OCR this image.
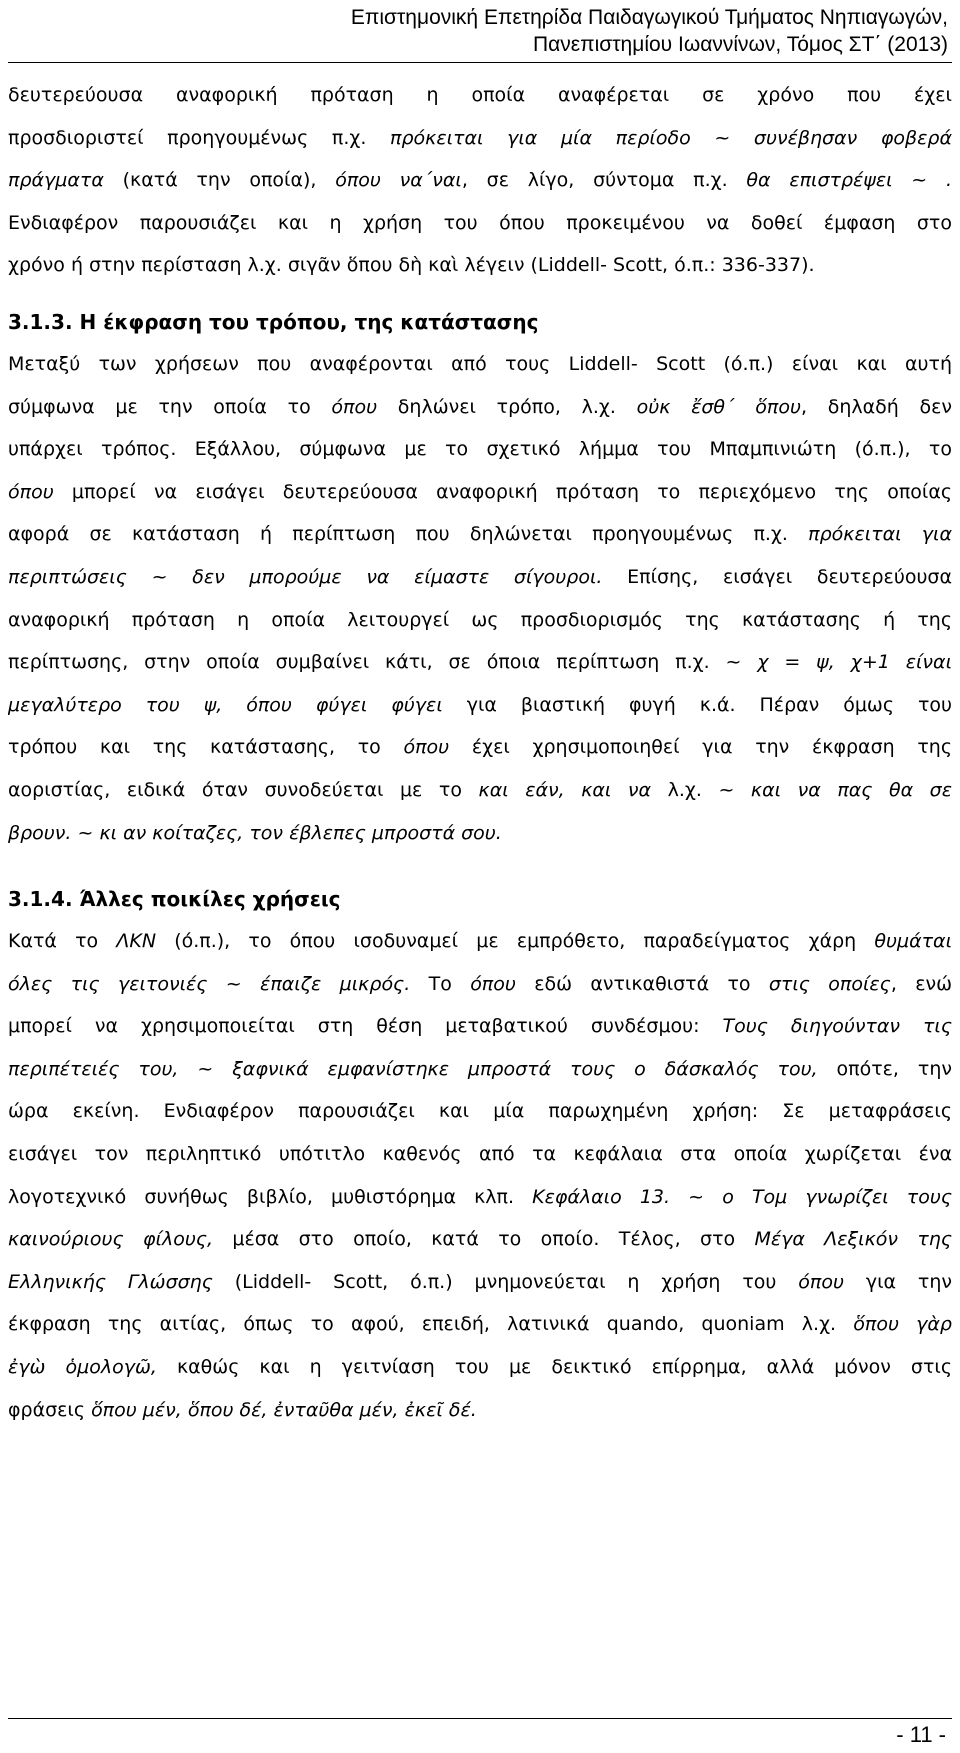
Επιστημονική Επετηρίδα Παιδαγωγικού Τμήματος Νηπιαγωγών,
Πανεπιστημίου Ιωαννίνων, Τόμος ΣΤ΄ (2013)
δευτερεύουσα αναφορική πρόταση η οποία αναφέρεται σε χρόνο που έχει
προσδιοριστεί προηγουμένως π.χ. πρόκειται για μία περίοδο ~ συνέβησαν φοβερά
πράγματα (κατά την οποία), όπου να΄ναι, σε λίγο, σύντομα π.χ. θα επιστρέψει ~ .
Ενδιαφέρον παρουσιάζει και η χρήση του όπου προκειμένου να δοθεί έμφαση στο
χρόνο ή στην περίσταση λ.χ. σιγᾶν ὅπου δὴ καὶ λέγειν (Liddell- Scott, ό.π.: 336-337).
3.1.3. Η έκφραση του τρόπου, της κατάστασης
Μεταξύ των χρήσεων που αναφέρονται από τους Liddell- Scott (ό.π.) είναι και αυτή
σύμφωνα με την οποία το όπου δηλώνει τρόπο, λ.χ. οὐκ ἔσθ΄ ὅπου, δηλαδή δεν
υπάρχει τρόπος. Εξάλλου, σύμφωνα με το σχετικό λήμμα του Μπαμπινιώτη (ό.π.), το
όπου μπορεί να εισάγει δευτερεύουσα αναφορική πρόταση το περιεχόμενο της οποίας
αφορά σε κατάσταση ή περίπτωση που δηλώνεται προηγουμένως π.χ. πρόκειται για
περιπτώσεις ~ δεν μπορούμε να είμαστε σίγουροι. Επίσης, εισάγει δευτερεύουσα
αναφορική πρόταση η οποία λειτουργεί ως προσδιορισμός της κατάστασης ή της
περίπτωσης, στην οποία συμβαίνει κάτι, σε όποια περίπτωση π.χ. ~ χ = ψ, χ+1 είναι
μεγαλύτερο του ψ, όπου φύγει φύγει για βιαστική φυγή κ.ά. Πέραν όμως του
τρόπου και της κατάστασης, το όπου έχει χρησιμοποιηθεί για την έκφραση της
αοριστίας, ειδικά όταν συνοδεύεται με το και εάν, και να λ.χ. ~ και να πας θα σε
βρουν. ~ κι αν κοίταζες, τον έβλεπες μπροστά σου.
3.1.4. Άλλες ποικίλες χρήσεις
Κατά το ΛΚΝ (ό.π.), το όπου ισοδυναμεί με εμπρόθετο, παραδείγματος χάρη θυμάται
όλες τις γειτονιές ~ έπαιζε μικρός. Το όπου εδώ αντικαθιστά το στις οποίες, ενώ
μπορεί να χρησιμοποιείται στη θέση μεταβατικού συνδέσμου: Τους διηγούνταν τις
περιπέτειές του, ~ ξαφνικά εμφανίστηκε μπροστά τους ο δάσκαλός του, οπότε, την
ώρα εκείνη. Ενδιαφέρον παρουσιάζει και μία παρωχημένη χρήση: Σε μεταφράσεις
εισάγει τον περιληπτικό υπότιτλο καθενός από τα κεφάλαια στα οποία χωρίζεται ένα
λογοτεχνικό συνήθως βιβλίο, μυθιστόρημα κλπ. Κεφάλαιο 13. ~ ο Τομ γνωρίζει τους
καινούριους φίλους, μέσα στο οποίο, κατά το οποίο. Τέλος, στο Μέγα Λεξικόν της
Ελληνικής Γλώσσης (Liddell- Scott, ό.π.) μνημονεύεται η χρήση του όπου για την
έκφραση της αιτίας, όπως το αφού, επειδή, λατινικά quando, quoniam λ.χ. ὅπου γὰρ
ἐγὼ ὁμολογῶ, καθώς και η γειτνίαση του με δεικτικό επίρρημα, αλλά μόνον στις
φράσεις ὅπου μέν, ὅπου δέ, ἐνταῦθα μέν, ἐκεῖ δέ.
- 11 -
